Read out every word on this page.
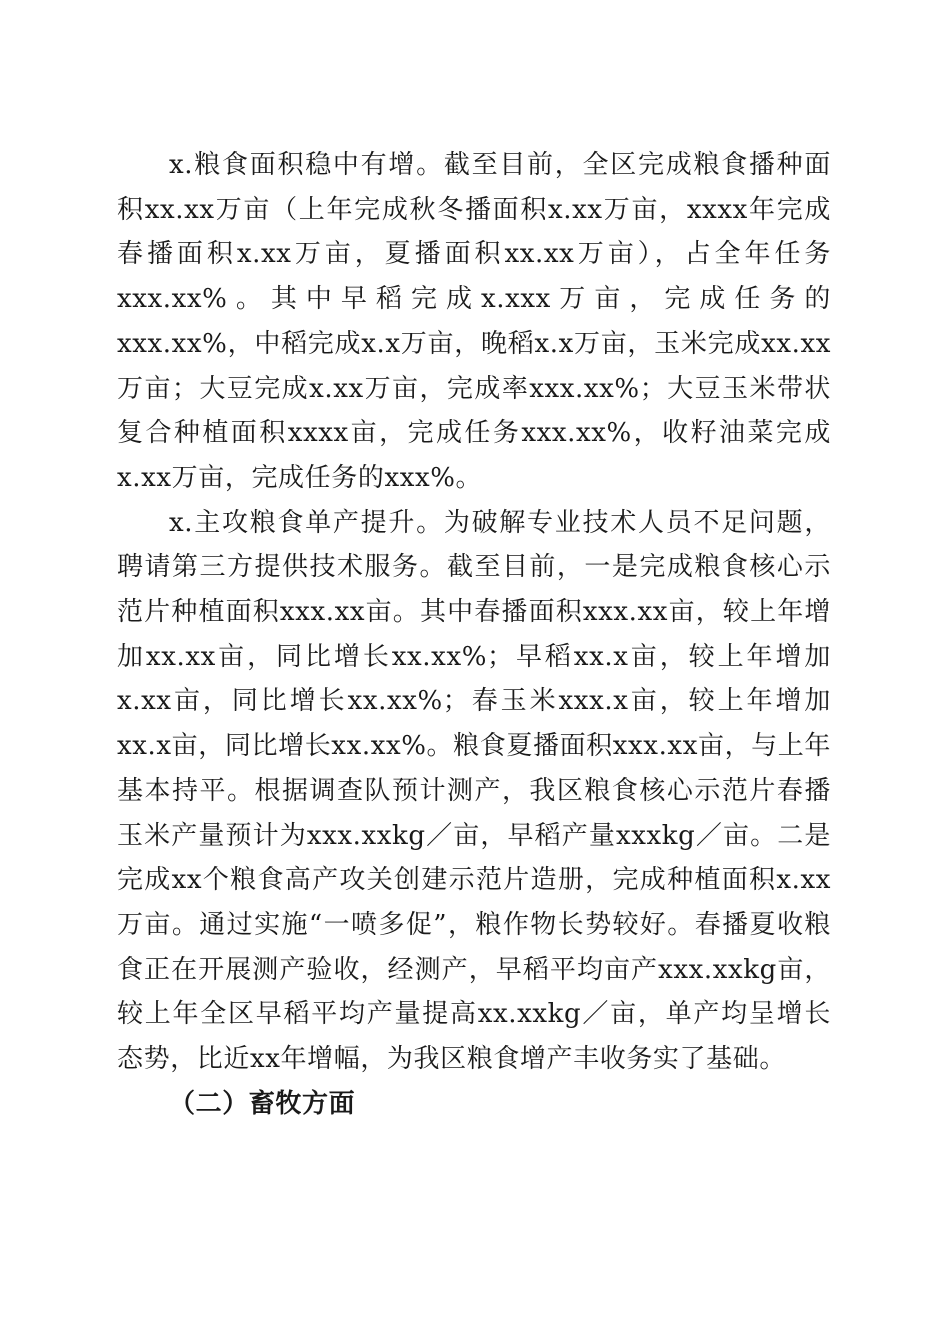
x.粮食面积稳中有增。截至目前，全区完成粮食播种面积xx.xx万亩（上年完成秋冬播面积x.xx万亩，xxxx年完成春播面积x.xx万亩，夏播面积xx.xx万亩），占全年任务xxx.xx%。其中早稻完成x.xxx万亩，完成任务的xxx.xx%，中稻完成x.x万亩，晚稻x.x万亩，玉米完成xx.xx万亩；大豆完成x.xx万亩，完成率xxx.xx%；大豆玉米带状复合种植面积xxxx亩，完成任务xxx.xx%，收籽油菜完成x.xx万亩，完成任务的xxx%。

x.主攻粮食单产提升。为破解专业技术人员不足问题，聘请第三方提供技术服务。截至目前，一是完成粮食核心示范片种植面积xxx.xx亩。其中春播面积xxx.xx亩，较上年增加xx.xx亩，同比增长xx.xx%；早稻xx.x亩，较上年增加x.xx亩，同比增长xx.xx%；春玉米xxx.x亩，较上年增加xx.x亩，同比增长xx.xx%。粮食夏播面积xxx.xx亩，与上年基本持平。根据调查队预计测产，我区粮食核心示范片春播玉米产量预计为xxx.xxkg／亩，早稻产量xxxkg／亩。二是完成xx个粮食高产攻关创建示范片造册，完成种植面积x.xx万亩。通过实施“一喷多促”，粮作物长势较好。春播夏收粮食正在开展测产验收，经测产，早稻平均亩产xxx.xxkg亩，较上年全区早稻平均产量提高xx.xxkg／亩，单产均呈增长态势，比近xx年增幅，为我区粮食增产丰收务实了基础。

（二）畜牧方面
